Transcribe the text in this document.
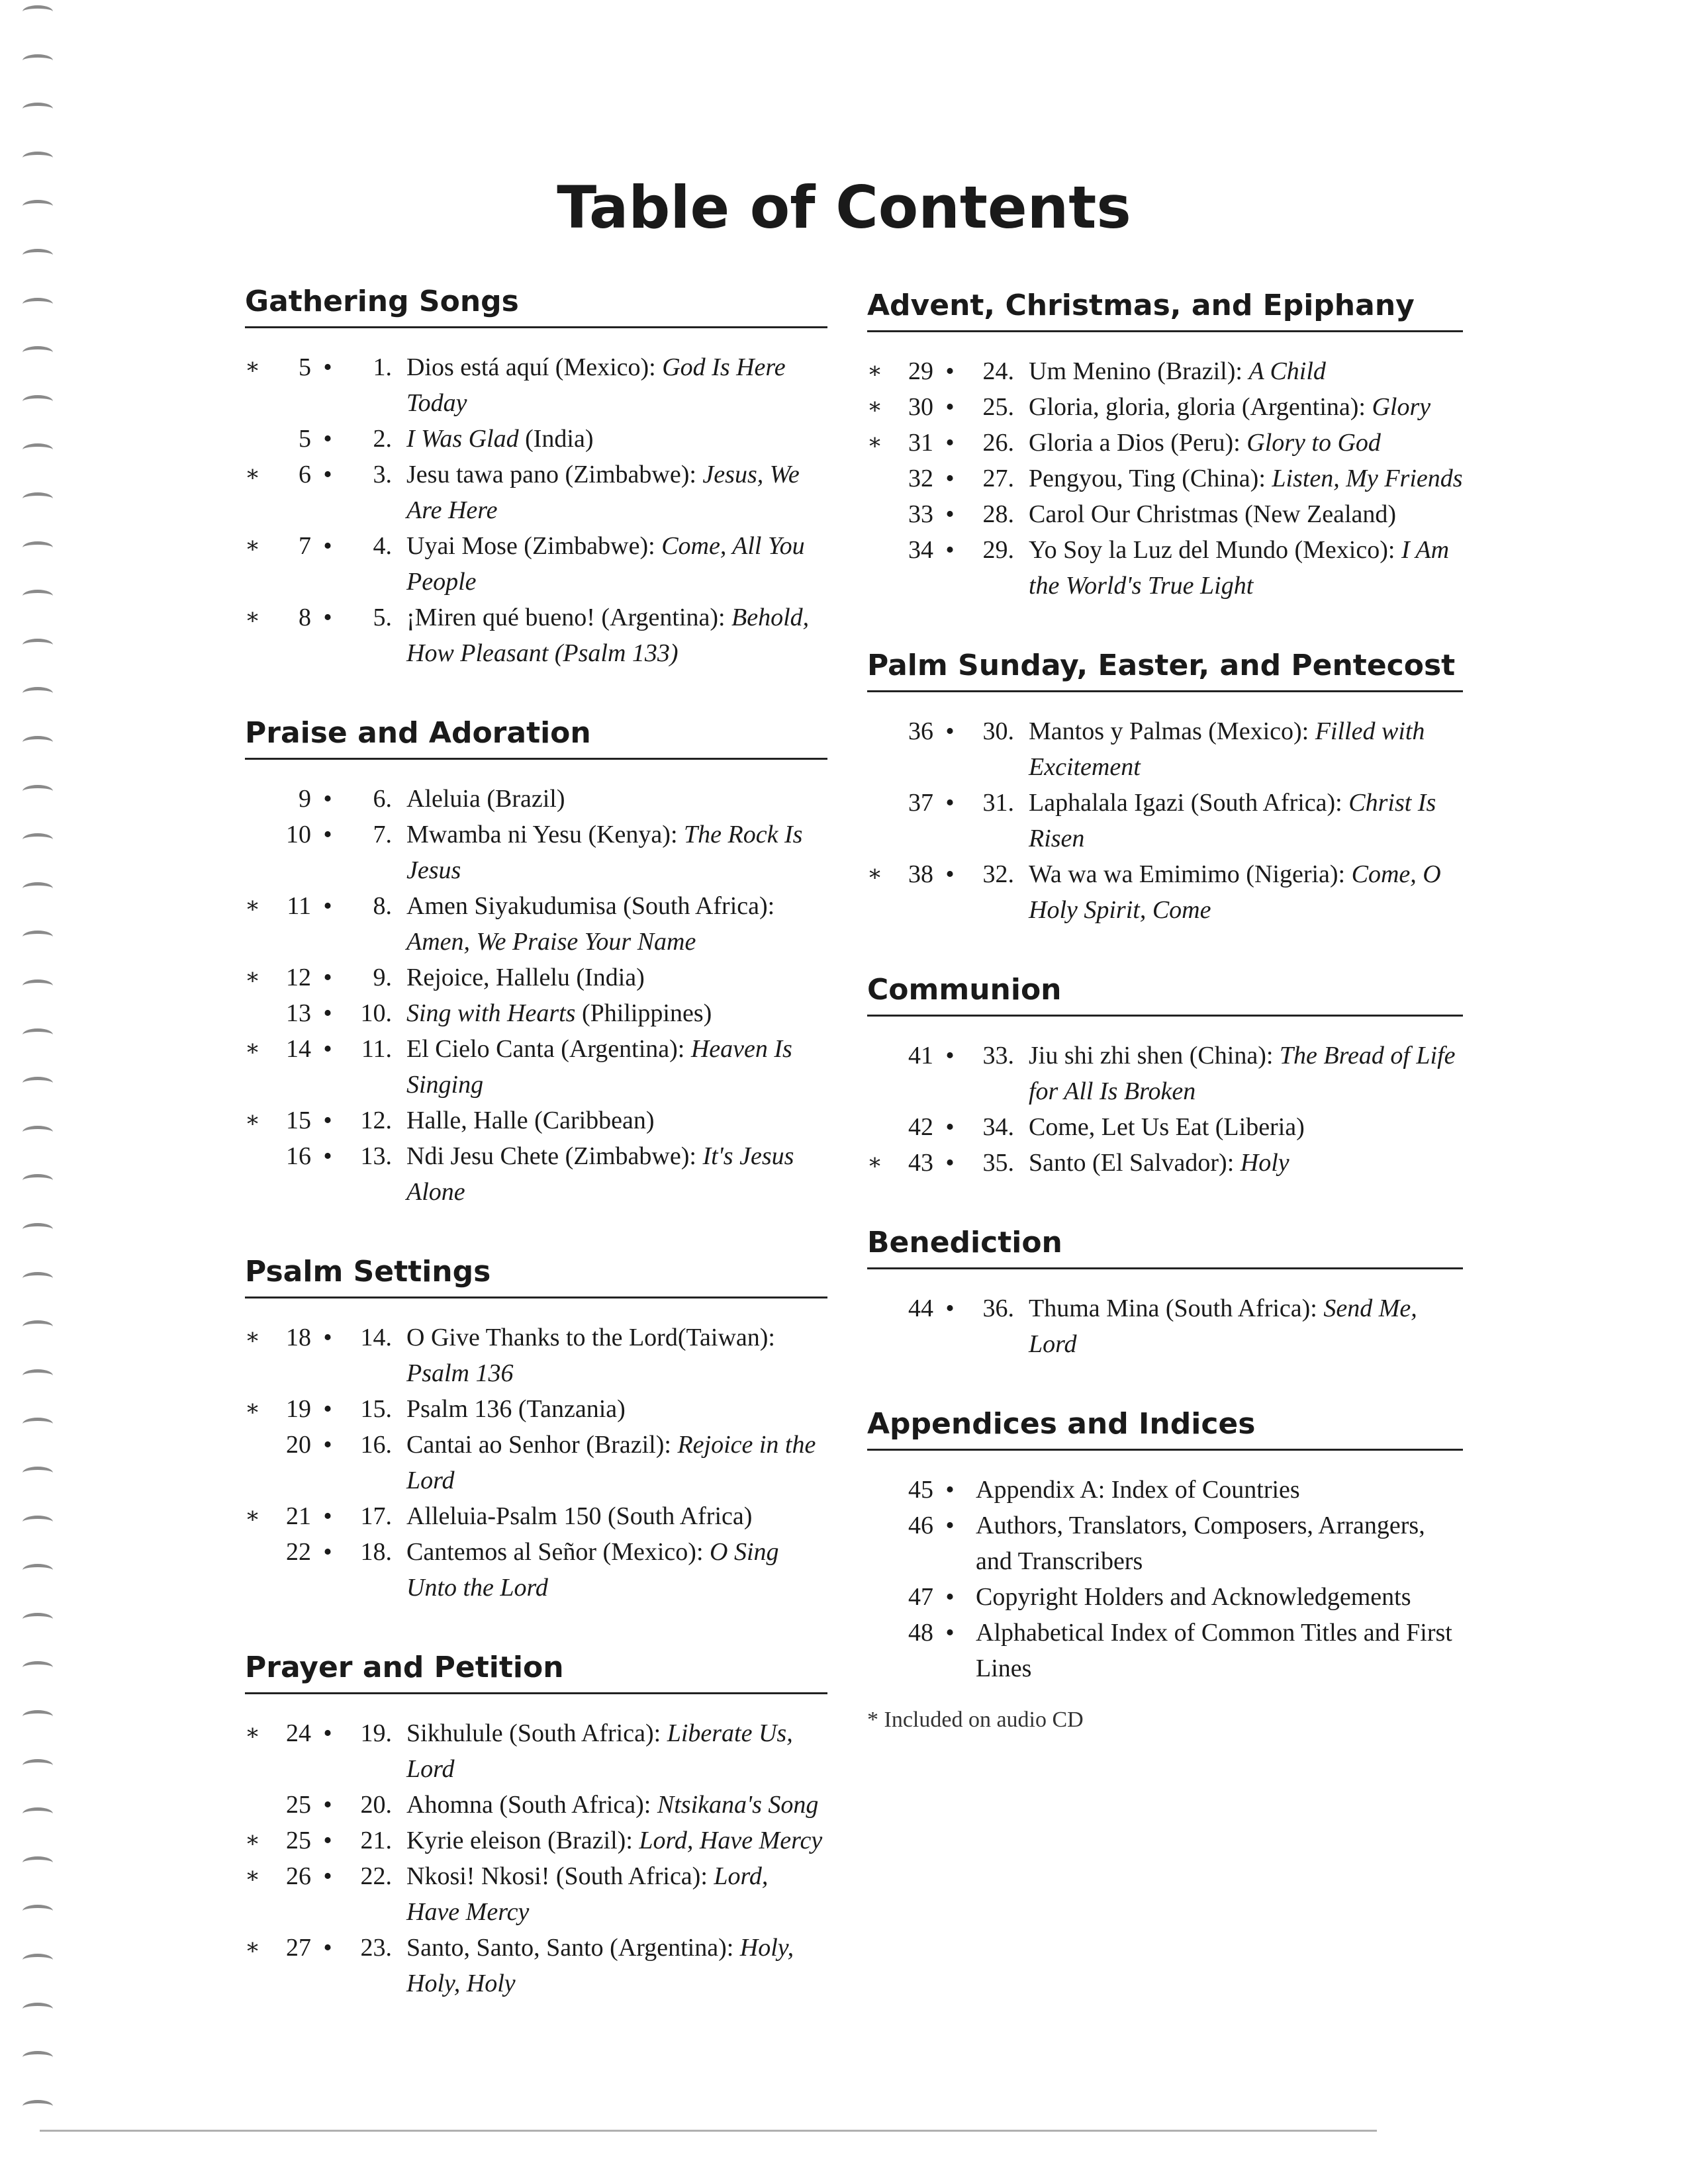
Table of Contents
Gathering Songs
∗	5 •	1. Dios está aquí (Mexico): God Is Here Today
5 •	2. I Was Glad (India)
∗	6 •	3. Jesu tawa pano (Zimbabwe): Jesus, We Are Here
∗	7 •	4. Uyai Mose (Zimbabwe): Come, All You People
∗	8 •	5. ¡Miren qué bueno! (Argentina): Behold, How Pleasant (Psalm 133)
Praise and Adoration
9 •	6. Aleluia (Brazil)
10 •	7. Mwamba ni Yesu (Kenya): The Rock Is Jesus
∗	11 •	8. Amen Siyakudumisa (South Africa): Amen, We Praise Your Name
∗	12 •	9. Rejoice, Hallelu (India)
13 •	10. Sing with Hearts (Philippines)
∗	14 •	11. El Cielo Canta (Argentina): Heaven Is Singing
∗	15 •	12. Halle, Halle (Caribbean)
16 •	13. Ndi Jesu Chete (Zimbabwe): It's Jesus Alone
Psalm Settings
∗	18 •	14. O Give Thanks to the Lord(Taiwan): Psalm 136
∗	19 •	15. Psalm 136 (Tanzania)
20 •	16. Cantai ao Senhor (Brazil): Rejoice in the Lord
∗	21 •	17. Alleluia-Psalm 150 (South Africa)
22 •	18. Cantemos al Señor (Mexico): O Sing Unto the Lord
Prayer and Petition
∗	24 •	19. Sikhulule (South Africa): Liberate Us, Lord
25 •	20. Ahomna (South Africa): Ntsikana's Song
∗	25 •	21. Kyrie eleison (Brazil): Lord, Have Mercy
∗	26 •	22. Nkosi! Nkosi! (South Africa): Lord, Have Mercy
∗	27 •	23. Santo, Santo, Santo (Argentina): Holy, Holy, Holy
Advent, Christmas, and Epiphany
∗	29 •	24. Um Menino (Brazil): A Child
∗	30 •	25. Gloria, gloria, gloria (Argentina): Glory
∗	31 •	26. Gloria a Dios (Peru): Glory to God
32 •	27. Pengyou, Ting (China): Listen, My Friends
33 •	28. Carol Our Christmas (New Zealand)
34 •	29. Yo Soy la Luz del Mundo (Mexico): I Am the World's True Light
Palm Sunday, Easter, and Pentecost
36 •	30. Mantos y Palmas (Mexico): Filled with Excitement
37 •	31. Laphalala Igazi (South Africa): Christ Is Risen
∗	38 •	32. Wa wa wa Emimimo (Nigeria): Come, O Holy Spirit, Come
Communion
41 •	33. Jiu shi zhi shen (China): The Bread of Life for All Is Broken
42 •	34. Come, Let Us Eat (Liberia)
∗	43 •	35. Santo (El Salvador): Holy
Benediction
44 •	36. Thuma Mina (South Africa): Send Me, Lord
Appendices and Indices
45 • Appendix A: Index of Countries
46 • Authors, Translators, Composers, Arrangers, and Transcribers
47 • Copyright Holders and Acknowledgements
48 • Alphabetical Index of Common Titles and First Lines
* Included on audio CD
